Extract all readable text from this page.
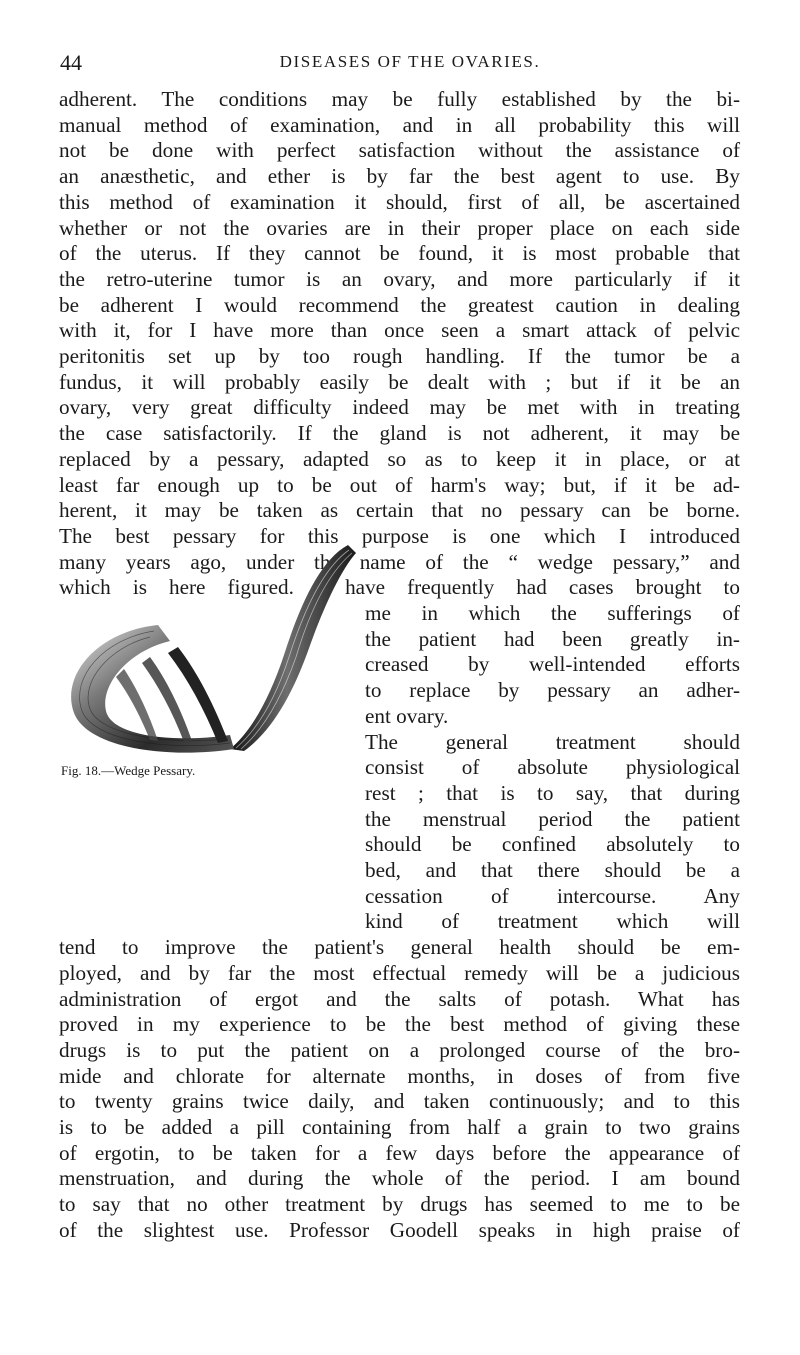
44	DISEASES OF THE OVARIES.
adherent. The conditions may be fully established by the bi-
manual method of examination, and in all probability this will
not be done with perfect satisfaction without the assistance of
an anæsthetic, and ether is by far the best agent to use. By
this method of examination it should, first of all, be ascertained
whether or not the ovaries are in their proper place on each side
of the uterus. If they cannot be found, it is most probable that
the retro-uterine tumor is an ovary, and more particularly if it
be adherent I would recommend the greatest caution in dealing
with it, for I have more than once seen a smart attack of pelvic
peritonitis set up by too rough handling. If the tumor be a
fundus, it will probably easily be dealt with ; but if it be an
ovary, very great difficulty indeed may be met with in treating
the case satisfactorily. If the gland is not adherent, it may be
replaced by a pessary, adapted so as to keep it in place, or at
least far enough up to be out of harm's way; but, if it be ad-
herent, it may be taken as certain that no pessary can be borne.
The best pessary for this purpose is one which I introduced
many years ago, under the name of the “ wedge pessary,” and
which is here figured. I have frequently had cases brought to
me in which the sufferings of
the patient had been greatly in-
creased by well-intended efforts
to replace by pessary an adher-
ent ovary.
The general treatment should
consist of absolute physiological
rest ; that is to say, that during
the menstrual period the patient
should be confined absolutely to
bed, and that there should be a
cessation of intercourse. Any
kind of treatment which will
tend to improve the patient's general health should be em-
ployed, and by far the most effectual remedy will be a judicious
administration of ergot and the salts of potash. What has
proved in my experience to be the best method of giving these
drugs is to put the patient on a prolonged course of the bro-
mide and chlorate for alternate months, in doses of from five
to twenty grains twice daily, and taken continuously; and to this
is to be added a pill containing from half a grain to two grains
of ergotin, to be taken for a few days before the appearance of
menstruation, and during the whole of the period. I am bound
to say that no other treatment by drugs has seemed to me to be
of the slightest use. Professor Goodell speaks in high praise of
Fig. 18.—Wedge Pessary.
